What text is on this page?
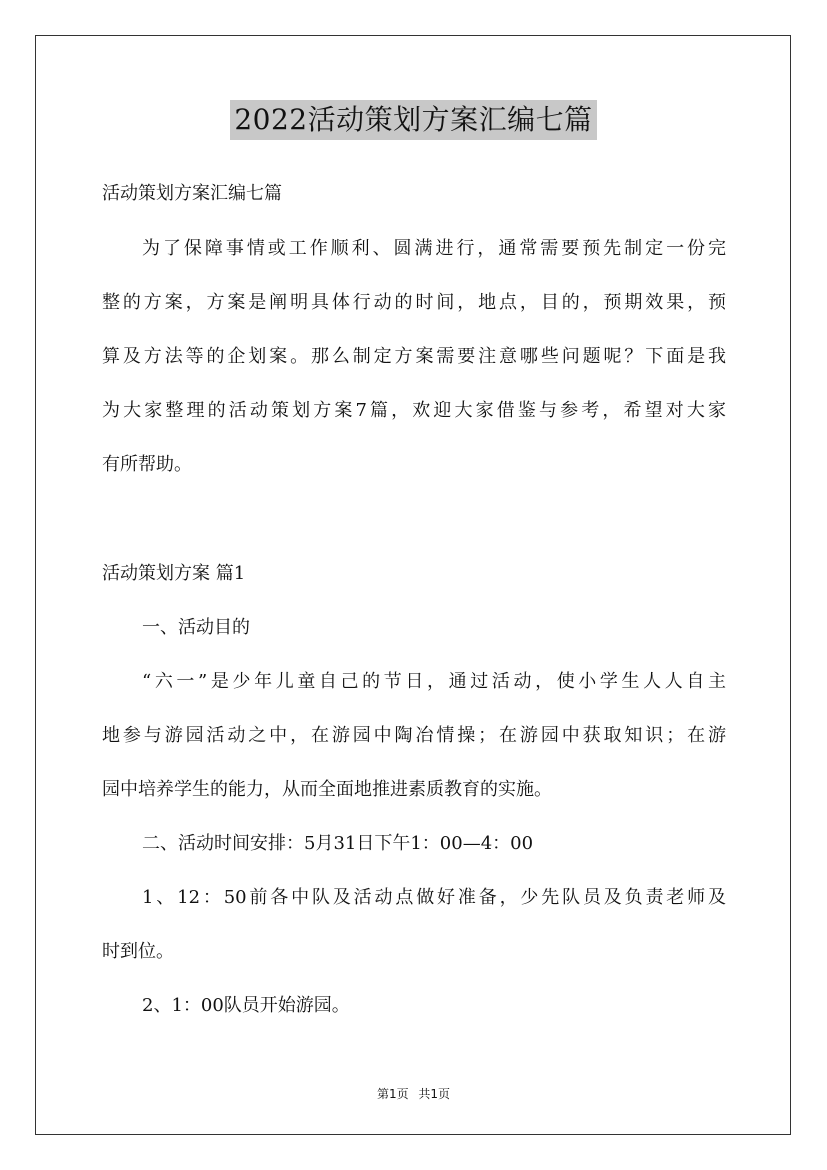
2022活动策划方案汇编七篇

活动策划方案汇编七篇

为了保障事情或工作顺利、圆满进行，通常需要预先制定一份完

整的方案，方案是阐明具体行动的时间，地点，目的，预期效果，预

算及方法等的企划案。那么制定方案需要注意哪些问题呢？下面是我

为大家整理的活动策划方案7篇，欢迎大家借鉴与参考，希望对大家

有所帮助。

活动策划方案 篇1

一、活动目的

“六一”是少年儿童自己的节日，通过活动，使小学生人人自主

地参与游园活动之中，在游园中陶冶情操；在游园中获取知识；在游

园中培养学生的能力，从而全面地推进素质教育的实施。

二、活动时间安排：5月31日下午1：00—4：00

1、12：50前各中队及活动点做好准备，少先队员及负责老师及

时到位。

2、1：00队员开始游园。

第1页 共1页
